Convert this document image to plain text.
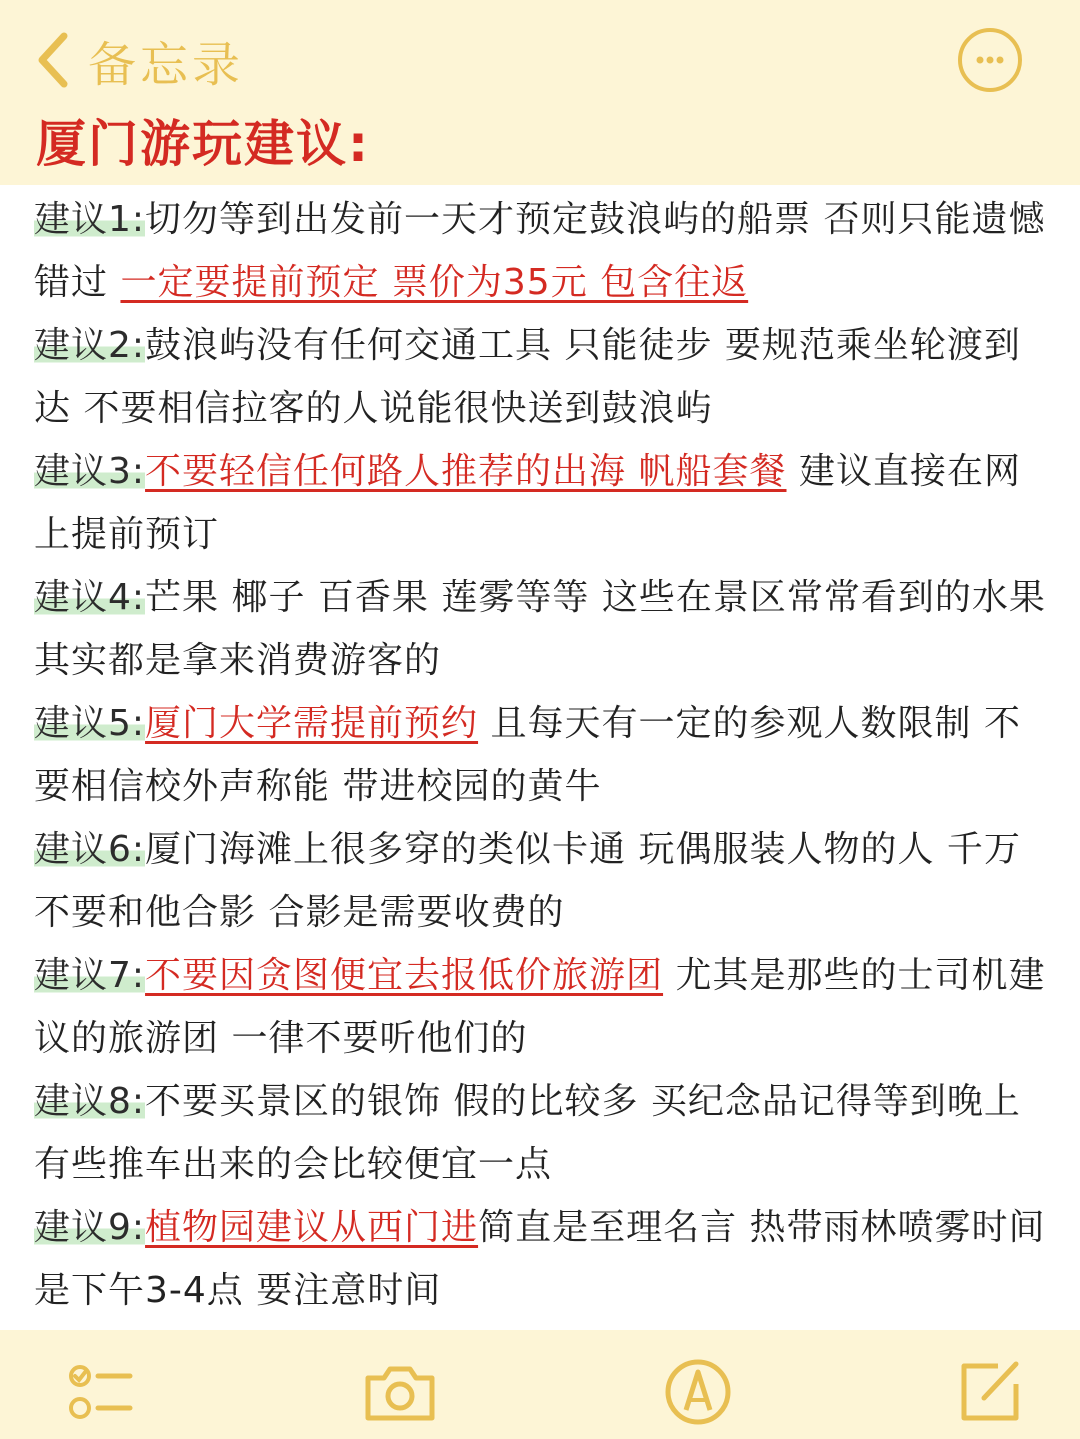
备忘录
厦门游玩建议:

建议1:切勿等到出发前一天才预定鼓浪屿的船票 否则只能遗憾错过 一定要提前预定 票价为35元 包含往返

建议2:鼓浪屿没有任何交通工具 只能徒步 要规范乘坐轮渡到达 不要相信拉客的人说能很快送到鼓浪屿

建议3:不要轻信任何路人推荐的出海 帆船套餐 建议直接在网上提前预订

建议4:芒果 椰子 百香果 莲雾等等 这些在景区常常看到的水果其实都是拿来消费游客的

建议5:厦门大学需提前预约 且每天有一定的参观人数限制 不要相信校外声称能 带进校园的黄牛

建议6:厦门海滩上很多穿的类似卡通 玩偶服装人物的人 千万不要和他合影 合影是需要收费的

建议7:不要因贪图便宜去报低价旅游团 尤其是那些的士司机建议的旅游团 一律不要听他们的

建议8:不要买景区的银饰 假的比较多 买纪念品记得等到晚上有些推车出来的会比较便宜一点

建议9:植物园建议从西门进简直是至理名言 热带雨林喷雾时间是下午3-4点 要注意时间
